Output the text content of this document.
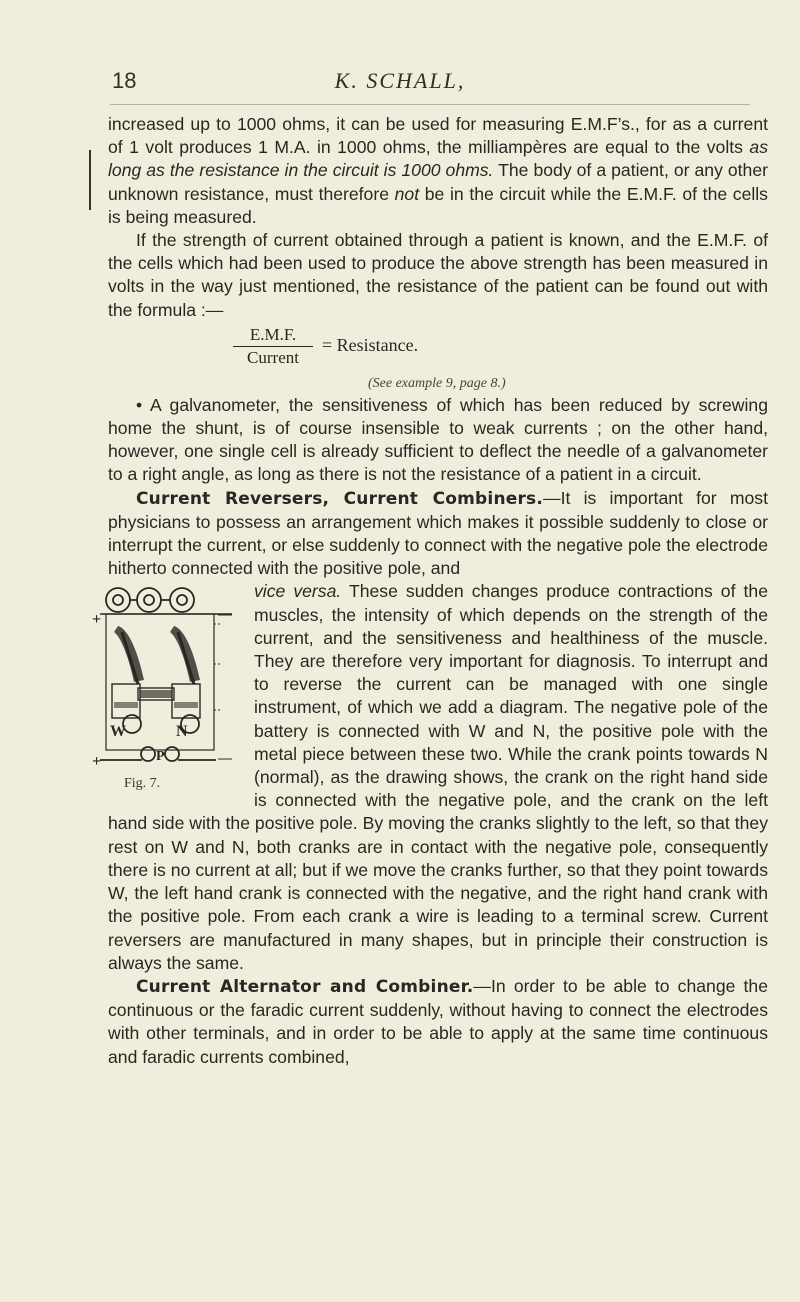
18	K. SCHALL,

increased up to 1000 ohms, it can be used for measuring E.M.F’s., for as a current of 1 volt produces 1 M.A. in 1000 ohms, the milliampères are equal to the volts as long as the resistance in the circuit is 1000 ohms. The body of a patient, or any other unknown resistance, must therefore not be in the circuit while the E.M.F. of the cells is being measured.

If the strength of current obtained through a patient is known, and the E.M.F. of the cells which had been used to produce the above strength has been measured in volts in the way just mentioned, the resistance of the patient can be found out with the formula :—

E.M.F.
Current
= Resistance.
(See example 9, page 8.)

• A galvanometer, the sensitiveness of which has been reduced by screwing home the shunt, is of course insensible to weak currents ; on the other hand, however, one single cell is already sufficient to deflect the needle of a galvanometer to a right angle, as long as there is not the resistance of a patient in a circuit.

Current Reversers, Current Combiners.—It is important for most physicians to possess an arrangement which makes it possible suddenly to close or interrupt the current, or else suddenly to connect with the negative pole the electrode hitherto connected with the positive pole, and

W	N
P
+
+
—
—
Fig. 7.

vice versa. These sudden changes produce contractions of the muscles, the intensity of which depends on the strength of the current, and the sensitiveness and healthiness of the muscle. They are therefore very important for diagnosis. To interrupt and to reverse the current can be managed with one single instrument, of which we add a diagram. The negative pole of the battery is connected with W and N, the positive pole with the metal piece between these two. While the crank points towards N (normal), as the drawing shows, the crank on the right hand side is connected with the negative pole, and the crank on the left hand side with the positive pole. By moving the cranks slightly to the left, so that they rest on W and N, both cranks are in contact with the negative pole, consequently there is no current at all; but if we move the cranks further, so that they point towards W, the left hand crank is connected with the negative, and the right hand crank with the positive pole. From each crank a wire is leading to a terminal screw. Current reversers are manufactured in many shapes, but in principle their construction is always the same.

Current Alternator and Combiner.—In order to be able to change the continuous or the faradic current suddenly, without having to connect the electrodes with other terminals, and in order to be able to apply at the same time continuous and faradic currents combined,
